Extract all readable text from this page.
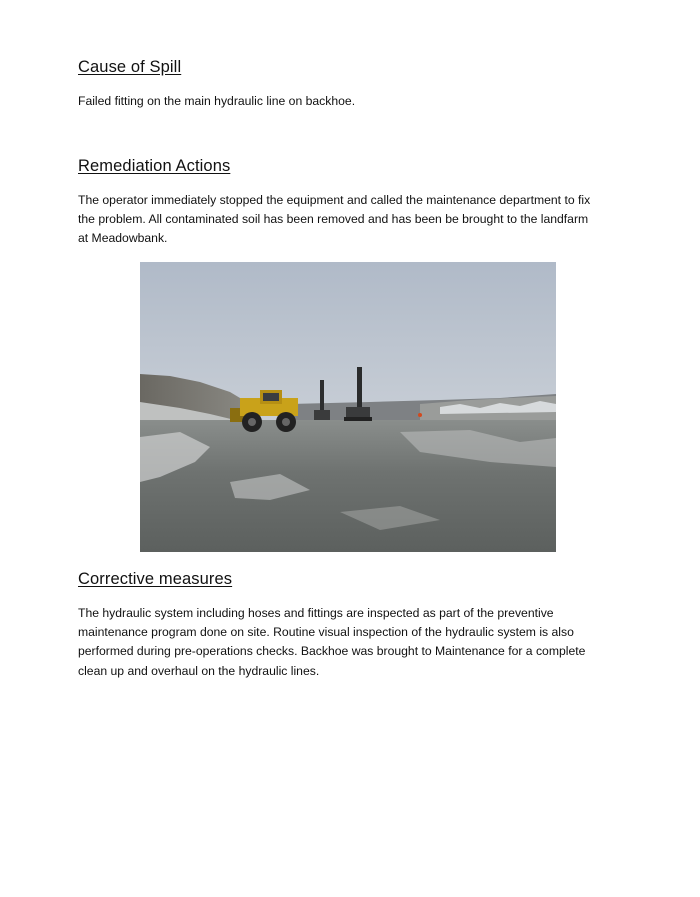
Cause of Spill

Failed fitting on the main hydraulic line on backhoe.

Remediation Actions
The operator immediately stopped the equipment and called the maintenance department to fix
the problem. All contaminated soil has been removed and has been be brought to the landfarm
at Meadowbank.
Corrective measures
The hydraulic system including hoses and fittings are inspected as part of the preventive
maintenance program done on site. Routine visual inspection of the hydraulic system is also
performed during pre-operations checks. Backhoe was brought to Maintenance for a complete
clean up and overhaul on the hydraulic lines.
